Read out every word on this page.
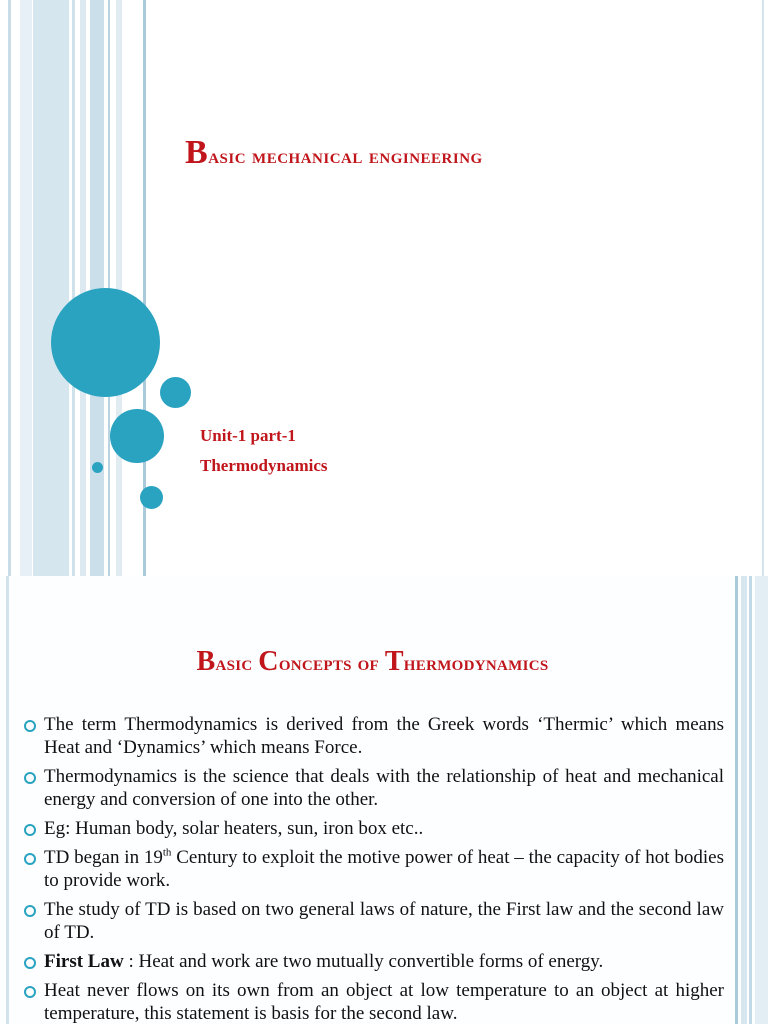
Basic mechanical engineering
Unit-1 part-1
Thermodynamics
Basic Concepts of Thermodynamics
The term Thermodynamics is derived from the Greek words ‘Thermic’ which means Heat and ‘Dynamics’ which means Force.
Thermodynamics is the science that deals with the relationship of heat and mechanical energy and conversion of one into the other.
Eg: Human body, solar heaters, sun, iron box etc..
TD began in 19th Century to exploit the motive power of heat – the capacity of hot bodies to provide work.
The study of TD is based on two general laws of nature, the First law and the second law of TD.
First Law : Heat and work are two mutually convertible forms of energy.
Heat never flows on its own from an object at low temperature to an object at higher temperature, this statement is basis for the second law.
